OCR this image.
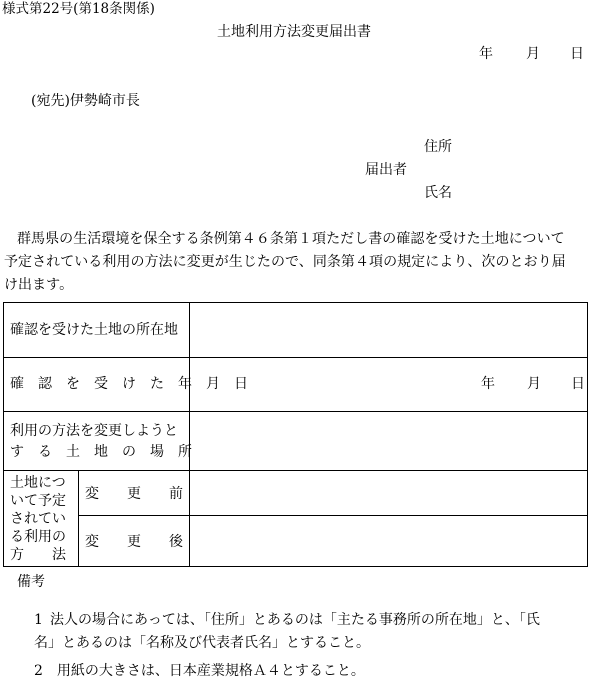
様式第22号(第18条関係)
土地利用方法変更届出書
年 月 日
(宛先)伊勢崎市長
住所
届出者
氏名
群馬県の生活環境を保全する条例第４６条第１項ただし書の確認を受けた土地について
予定されている利用の方法に変更が生じたので、同条第４項の規定により、次のとおり届
け出ます。
確認を受けた土地の所在地
確　認　を　受　け　た　年　月　日	年 月 日
利用の方法を変更しようと
す　る　土　地　の　場　所
土地につ
いて予定
されてい
る利用の
方　　法
変　　更　　前
変　　更　　後
備考
1 法人の場合にあっては、「住所」とあるのは「主たる事務所の所在地」と、「氏
名」とあるのは「名称及び代表者氏名」とすること。
2　用紙の大きさは、日本産業規格Ａ４とすること。
